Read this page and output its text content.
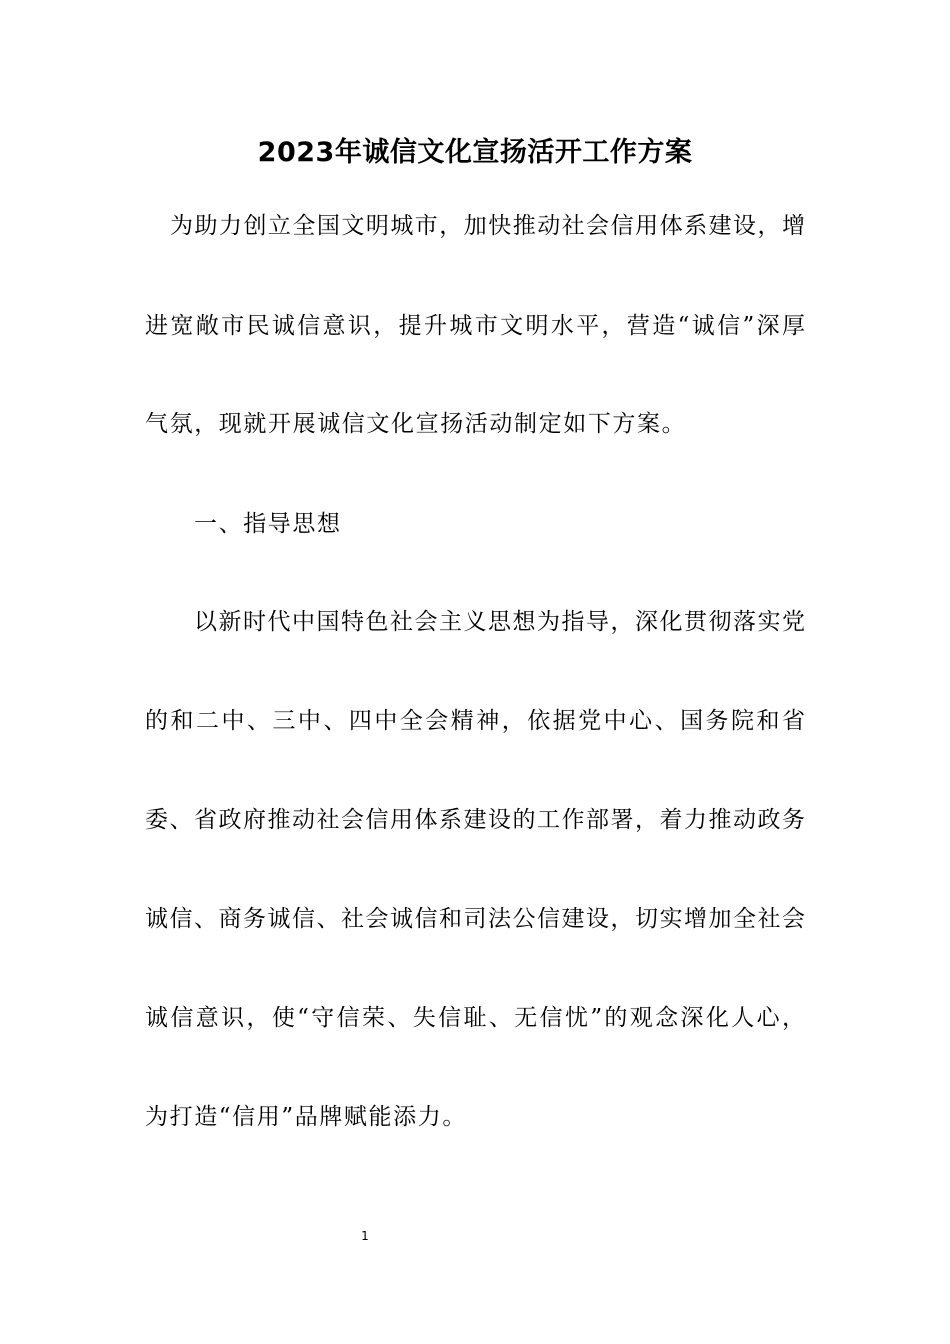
2023年诚信文化宣扬活开工作方案
为助力创立全国文明城市，加快推动社会信用体系建设，增
进宽敞市民诚信意识，提升城市文明水平，营造“诚信”深厚
气氛，现就开展诚信文化宣扬活动制定如下方案。
一、指导思想
以新时代中国特色社会主义思想为指导，深化贯彻落实党
的和二中、三中、四中全会精神，依据党中心、国务院和省
委、省政府推动社会信用体系建设的工作部署，着力推动政务
诚信、商务诚信、社会诚信和司法公信建设，切实增加全社会
诚信意识，使“守信荣、失信耻、无信忧”的观念深化人心，
为打造“信用”品牌赋能添力。
1
